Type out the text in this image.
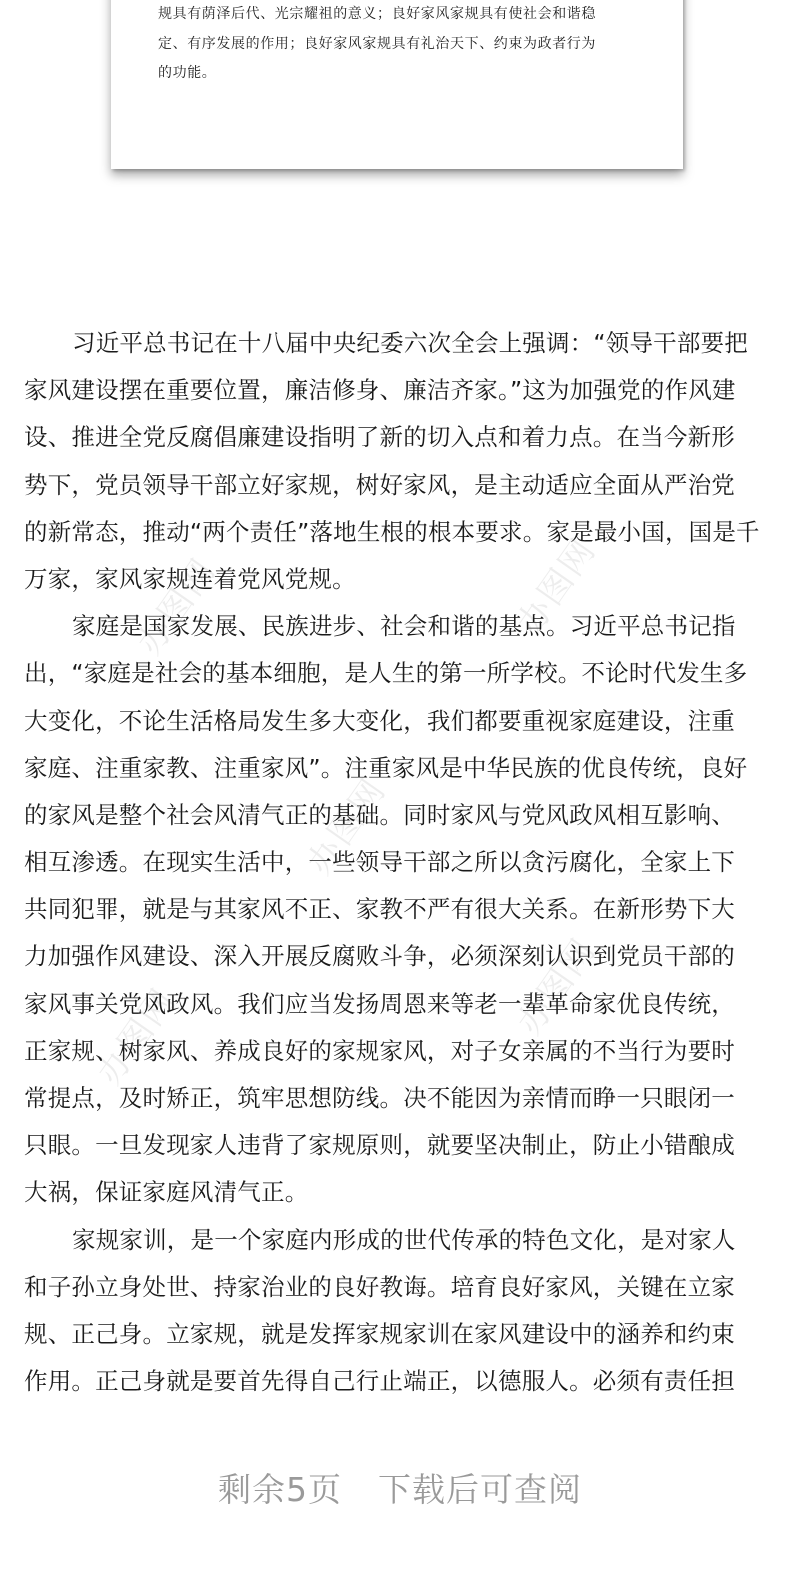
规具有荫泽后代、光宗耀祖的意义；良好家风家规具有使社会和谐稳
定、有序发展的作用；良好家风家规具有礼治天下、约束为政者行为
的功能。
办图网	办图网
办图网
办图网	办图网
习近平总书记在十八届中央纪委六次全会上强调：“领导干部要把
家风建设摆在重要位置，廉洁修身、廉洁齐家。”这为加强党的作风建
设、推进全党反腐倡廉建设指明了新的切入点和着力点。在当今新形
势下，党员领导干部立好家规，树好家风，是主动适应全面从严治党
的新常态，推动“两个责任”落地生根的根本要求。家是最小国，国是千
万家，家风家规连着党风党规。
家庭是国家发展、民族进步、社会和谐的基点。习近平总书记指
出，“家庭是社会的基本细胞，是人生的第一所学校。不论时代发生多
大变化，不论生活格局发生多大变化，我们都要重视家庭建设，注重
家庭、注重家教、注重家风”。注重家风是中华民族的优良传统，良好
的家风是整个社会风清气正的基础。同时家风与党风政风相互影响、
相互渗透。在现实生活中，一些领导干部之所以贪污腐化，全家上下
共同犯罪，就是与其家风不正、家教不严有很大关系。在新形势下大
力加强作风建设、深入开展反腐败斗争，必须深刻认识到党员干部的
家风事关党风政风。我们应当发扬周恩来等老一辈革命家优良传统，
正家规、树家风、养成良好的家规家风，对子女亲属的不当行为要时
常提点，及时矫正，筑牢思想防线。决不能因为亲情而睁一只眼闭一
只眼。一旦发现家人违背了家规原则，就要坚决制止，防止小错酿成
大祸，保证家庭风清气正。
家规家训，是一个家庭内形成的世代传承的特色文化，是对家人
和子孙立身处世、持家治业的良好教诲。培育良好家风，关键在立家
规、正己身。立家规，就是发挥家规家训在家风建设中的涵养和约束
作用。正己身就是要首先得自己行止端正，以德服人。必须有责任担
剩余5页 下载后可查阅
